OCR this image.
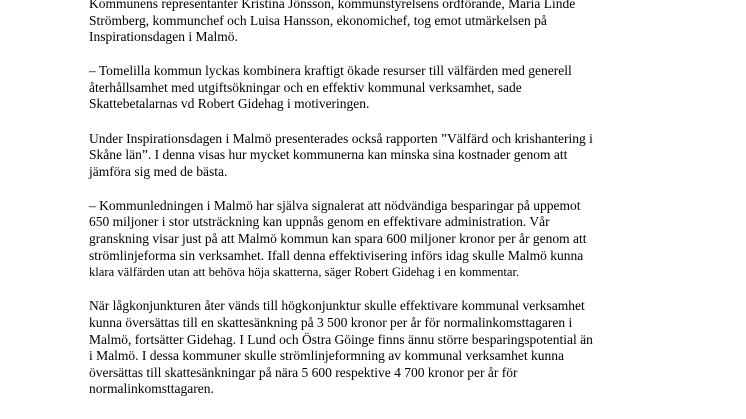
Kommunens representanter Kristina Jönsson, kommunstyrelsens ordförande, Maria Linde
Strömberg, kommunchef och Luisa Hansson, ekonomichef, tog emot utmärkelsen på
Inspirationsdagen i Malmö.

– Tomelilla kommun lyckas kombinera kraftigt ökade resurser till välfärden med generell
återhållsamhet med utgiftsökningar och en effektiv kommunal verksamhet, sade
Skattebetalarnas vd Robert Gidehag i motiveringen.

Under Inspirationsdagen i Malmö presenterades också rapporten ”Välfärd och krishantering i
Skåne län”. I denna visas hur mycket kommunerna kan minska sina kostnader genom att
jämföra sig med de bästa.

– Kommunledningen i Malmö har själva signalerat att nödvändiga besparingar på uppemot
650 miljoner i stor utsträckning kan uppnås genom en effektivare administration. Vår
granskning visar just på att Malmö kommun kan spara 600 miljoner kronor per år genom att
strömlinjeforma sin verksamhet. Ifall denna effektivisering införs idag skulle Malmö kunna
klara välfärden utan att behöva höja skatterna, säger Robert Gidehag i en kommentar.

När lågkonjunkturen åter vänds till högkonjunktur skulle effektivare kommunal verksamhet
kunna översättas till en skattesänkning på 3 500 kronor per år för normalinkomsttagaren i
Malmö, fortsätter Gidehag. I Lund och Östra Göinge finns ännu större besparingspotential än
i Malmö. I dessa kommuner skulle strömlinjeformning av kommunal verksamhet kunna
översättas till skattesänkningar på nära 5 600 respektive 4 700 kronor per år för
normalinkomsttagaren.
